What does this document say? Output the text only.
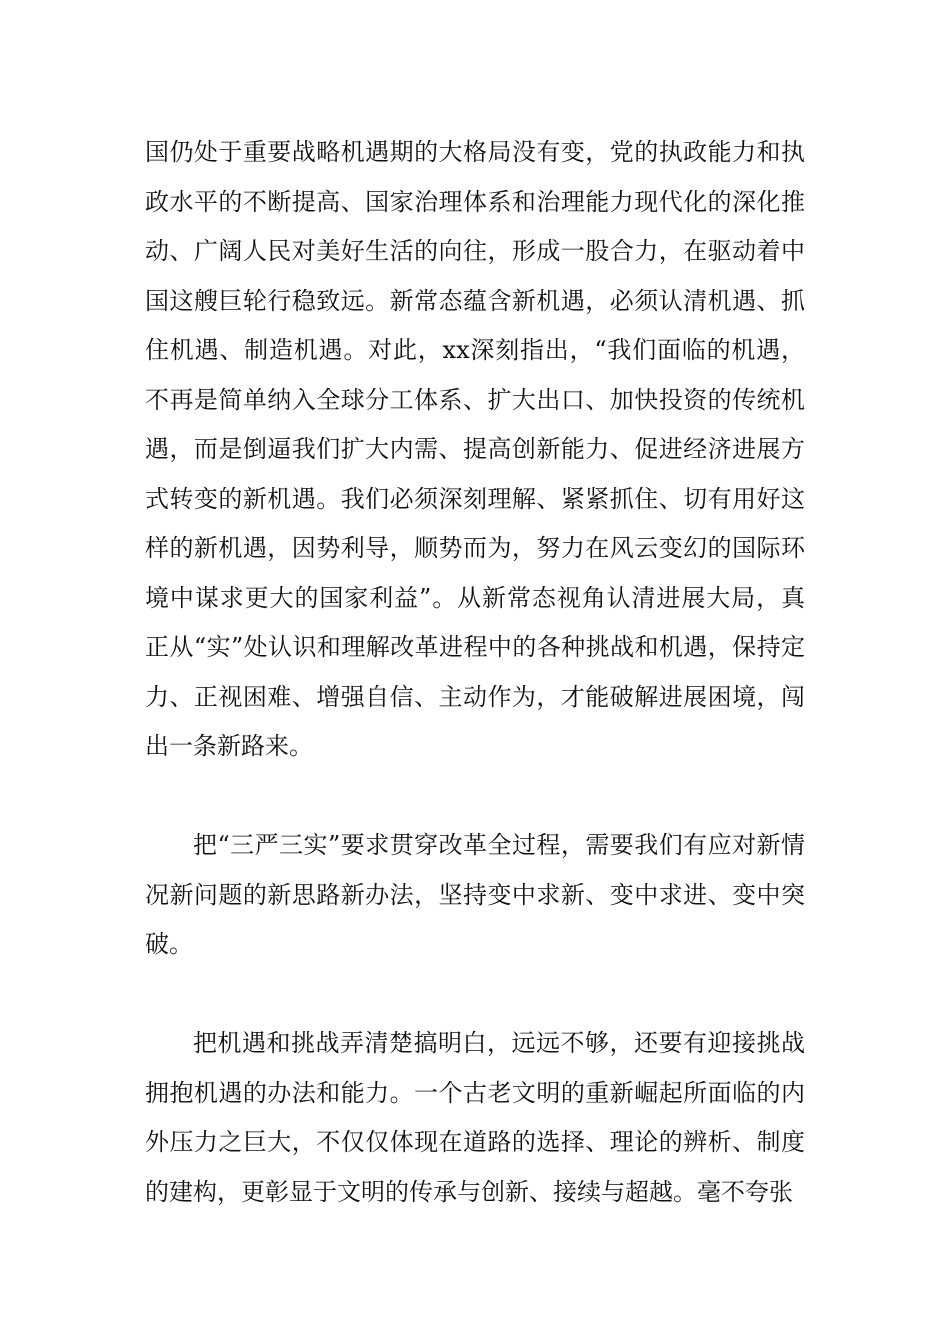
国仍处于重要战略机遇期的大格局没有变，党的执政能力和执政水平的不断提高、国家治理体系和治理能力现代化的深化推动、广阔人民对美好生活的向往，形成一股合力，在驱动着中国这艘巨轮行稳致远。新常态蕴含新机遇，必须认清机遇、抓住机遇、制造机遇。对此，xx深刻指出，“我们面临的机遇，不再是简单纳入全球分工体系、扩大出口、加快投资的传统机遇，而是倒逼我们扩大内需、提高创新能力、促进经济进展方式转变的新机遇。我们必须深刻理解、紧紧抓住、切有用好这样的新机遇，因势利导，顺势而为，努力在风云变幻的国际环境中谋求更大的国家利益”。从新常态视角认清进展大局，真正从“实”处认识和理解改革进程中的各种挑战和机遇，保持定力、正视困难、增强自信、主动作为，才能破解进展困境，闯出一条新路来。

把“三严三实”要求贯穿改革全过程，需要我们有应对新情况新问题的新思路新办法，坚持变中求新、变中求进、变中突破。

把机遇和挑战弄清楚搞明白，远远不够，还要有迎接挑战拥抱机遇的办法和能力。一个古老文明的重新崛起所面临的内外压力之巨大，不仅仅体现在道路的选择、理论的辨析、制度的建构，更彰显于文明的传承与创新、接续与超越。毫不夸张
